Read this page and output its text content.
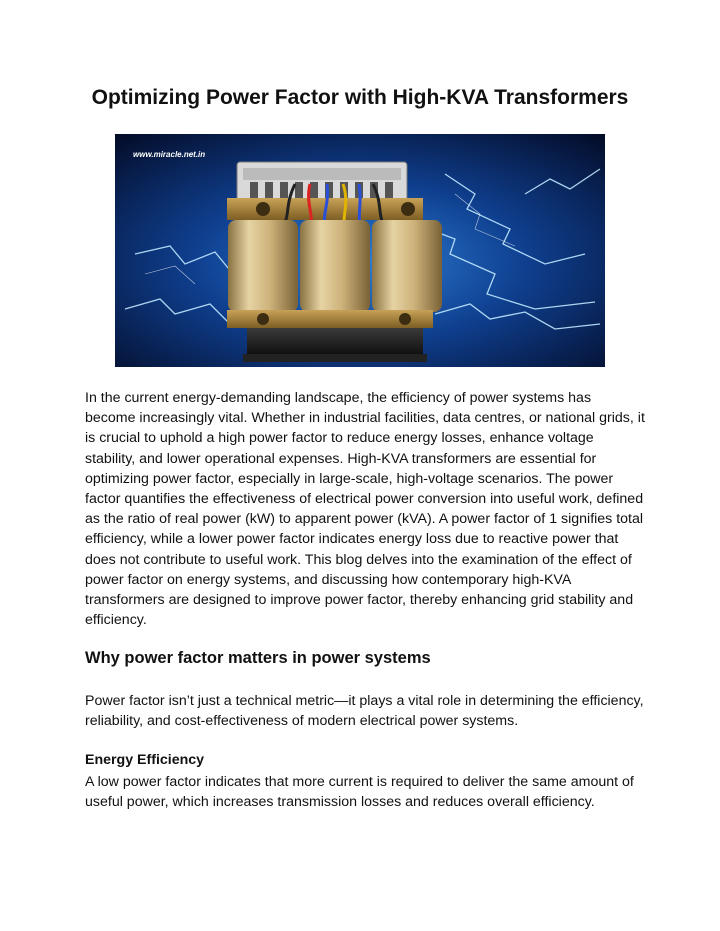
Optimizing Power Factor with High-KVA Transformers
www.miracle.net.in

In the current energy-demanding landscape, the efficiency of power systems has become increasingly vital. Whether in industrial facilities, data centres, or national grids, it is crucial to uphold a high power factor to reduce energy losses, enhance voltage stability, and lower operational expenses. High-KVA transformers are essential for optimizing power factor, especially in large-scale, high-voltage scenarios. The power factor quantifies the effectiveness of electrical power conversion into useful work, defined as the ratio of real power (kW) to apparent power (kVA). A power factor of 1 signifies total efficiency, while a lower power factor indicates energy loss due to reactive power that does not contribute to useful work. This blog delves into the examination of the effect of power factor on energy systems, and discussing how contemporary high-KVA transformers are designed to improve power factor, thereby enhancing grid stability and efficiency.

Why power factor matters in power systems

Power factor isn’t just a technical metric—it plays a vital role in determining the efficiency, reliability, and cost-effectiveness of modern electrical power systems.

Energy Efficiency

A low power factor indicates that more current is required to deliver the same amount of useful power, which increases transmission losses and reduces overall efficiency.
